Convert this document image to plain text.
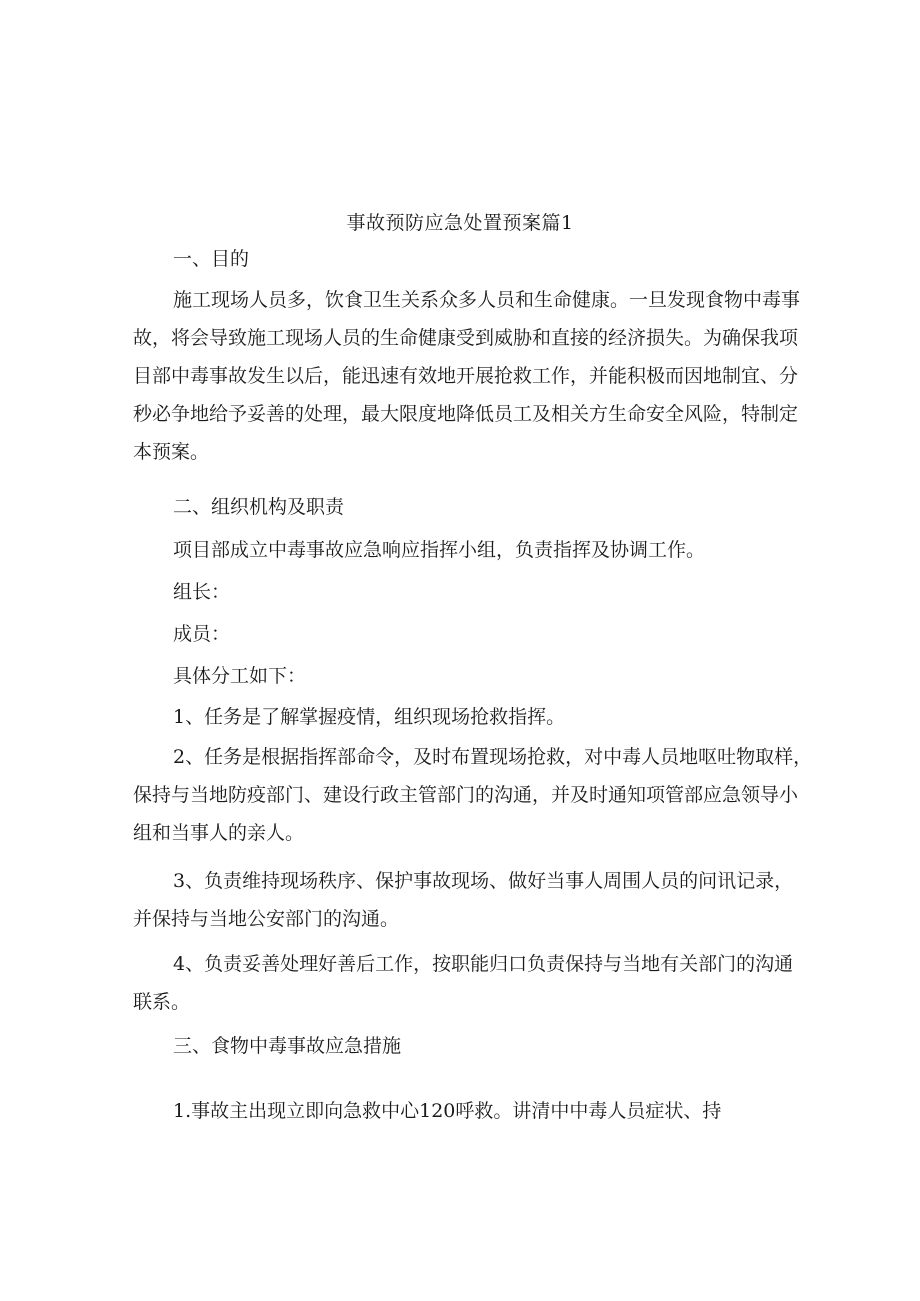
事故预防应急处置预案篇1
一、目的
施工现场人员多，饮食卫生关系众多人员和生命健康。一旦发现食物中毒事
故，将会导致施工现场人员的生命健康受到威胁和直接的经济损失。为确保我项
目部中毒事故发生以后，能迅速有效地开展抢救工作，并能积极而因地制宜、分
秒必争地给予妥善的处理，最大限度地降低员工及相关方生命安全风险，特制定
本预案。
二、组织机构及职责
项目部成立中毒事故应急响应指挥小组，负责指挥及协调工作。
组长：
成员：
具体分工如下：
1、任务是了解掌握疫情，组织现场抢救指挥。
2、任务是根据指挥部命令，及时布置现场抢救，对中毒人员地呕吐物取样，
保持与当地防疫部门、建设行政主管部门的沟通，并及时通知项管部应急领导小
组和当事人的亲人。
3、负责维持现场秩序、保护事故现场、做好当事人周围人员的问讯记录，
并保持与当地公安部门的沟通。
4、负责妥善处理好善后工作，按职能归口负责保持与当地有关部门的沟通
联系。
三、食物中毒事故应急措施
1.事故主出现立即向急救中心120呼救。讲清中中毒人员症状、持
